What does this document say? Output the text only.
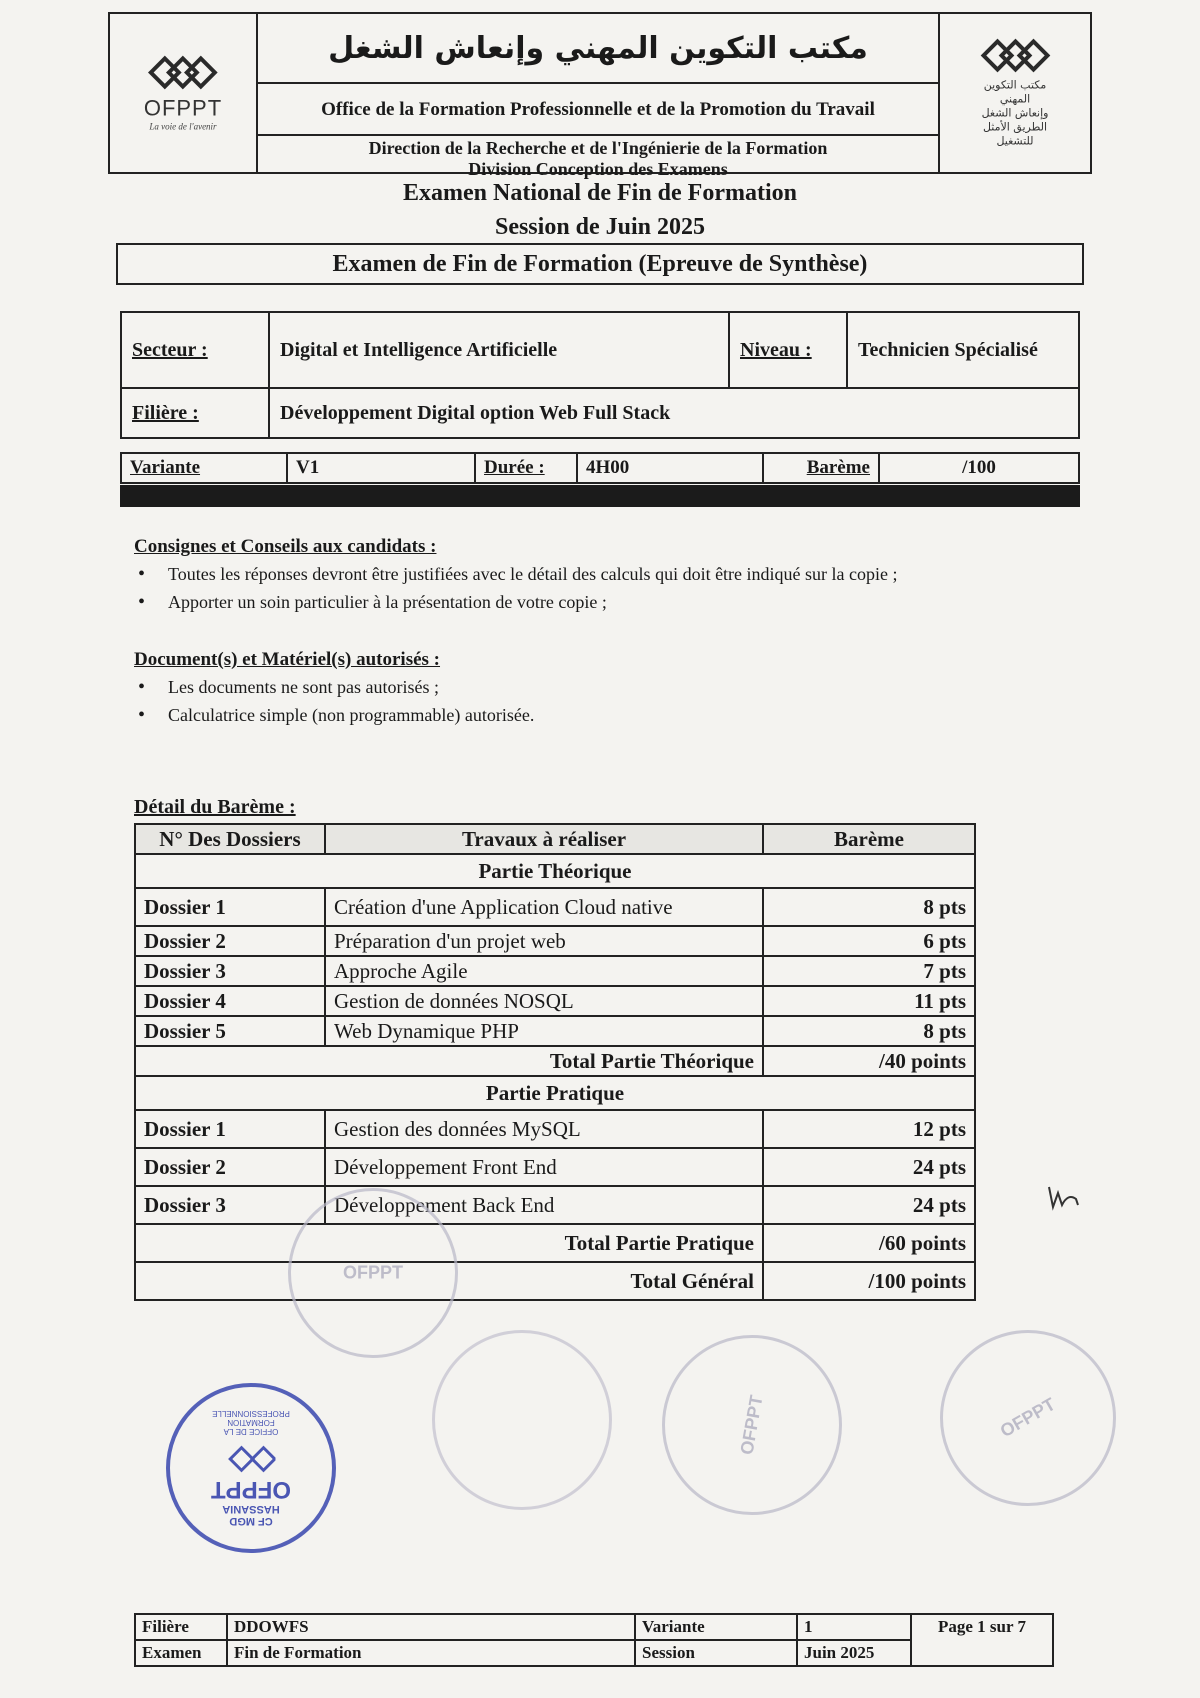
OFPPT
La voie de l'avenir
مكتب التكوين المهني وإنعاش الشغل
Office de la Formation Professionnelle et de la Promotion du Travail
Direction de la Recherche et de l'Ingénierie de la Formation
Division Conception des Examens
مكتب التكوين المهني
وإنعاش الشغل
الطريق الأمثل للتشغيل
Examen National de Fin de Formation
Session de Juin 2025
Examen de Fin de Formation (Epreuve de Synthèse)
Secteur :	Digital et Intelligence Artificielle	Niveau :	Technicien Spécialisé
Filière :	Développement Digital option Web Full Stack		
Variante	V1	Durée :	4H00	Barème	/100
Consignes et Conseils aux candidats :
• Toutes les réponses devront être justifiées avec le détail des calculs qui doit être indiqué sur la copie ;
• Apporter un soin particulier à la présentation de votre copie ;
Document(s) et Matériel(s) autorisés :
• Les documents ne sont pas autorisés ;
• Calculatrice simple (non programmable) autorisée.
Détail du Barème :
N° Des Dossiers	Travaux à réaliser	Barème
Partie Théorique		
Dossier 1	Création d'une Application Cloud native	8 pts
Dossier 2	Préparation d'un projet web	6 pts
Dossier 3	Approche Agile	7 pts
Dossier 4	Gestion de données NOSQL	11 pts
Dossier 5	Web Dynamique PHP	8 pts
Total Partie Théorique		/40 points
Partie Pratique		
Dossier 1	Gestion des données MySQL	12 pts
Dossier 2	Développement Front End	24 pts
Dossier 3	Développement Back End	24 pts
Total Partie Pratique		/60 points
Total Général		/100 points
OFPPT
CF MGD HASSANIA
OFPPT
OFFICE DE LA FORMATION PROFESSIONNELLE	OFPPT	OFPPT
Filière	DDOWFS	Variante	1	Page 1 sur 7
Examen	Fin de Formation	Session	Juin 2025	
